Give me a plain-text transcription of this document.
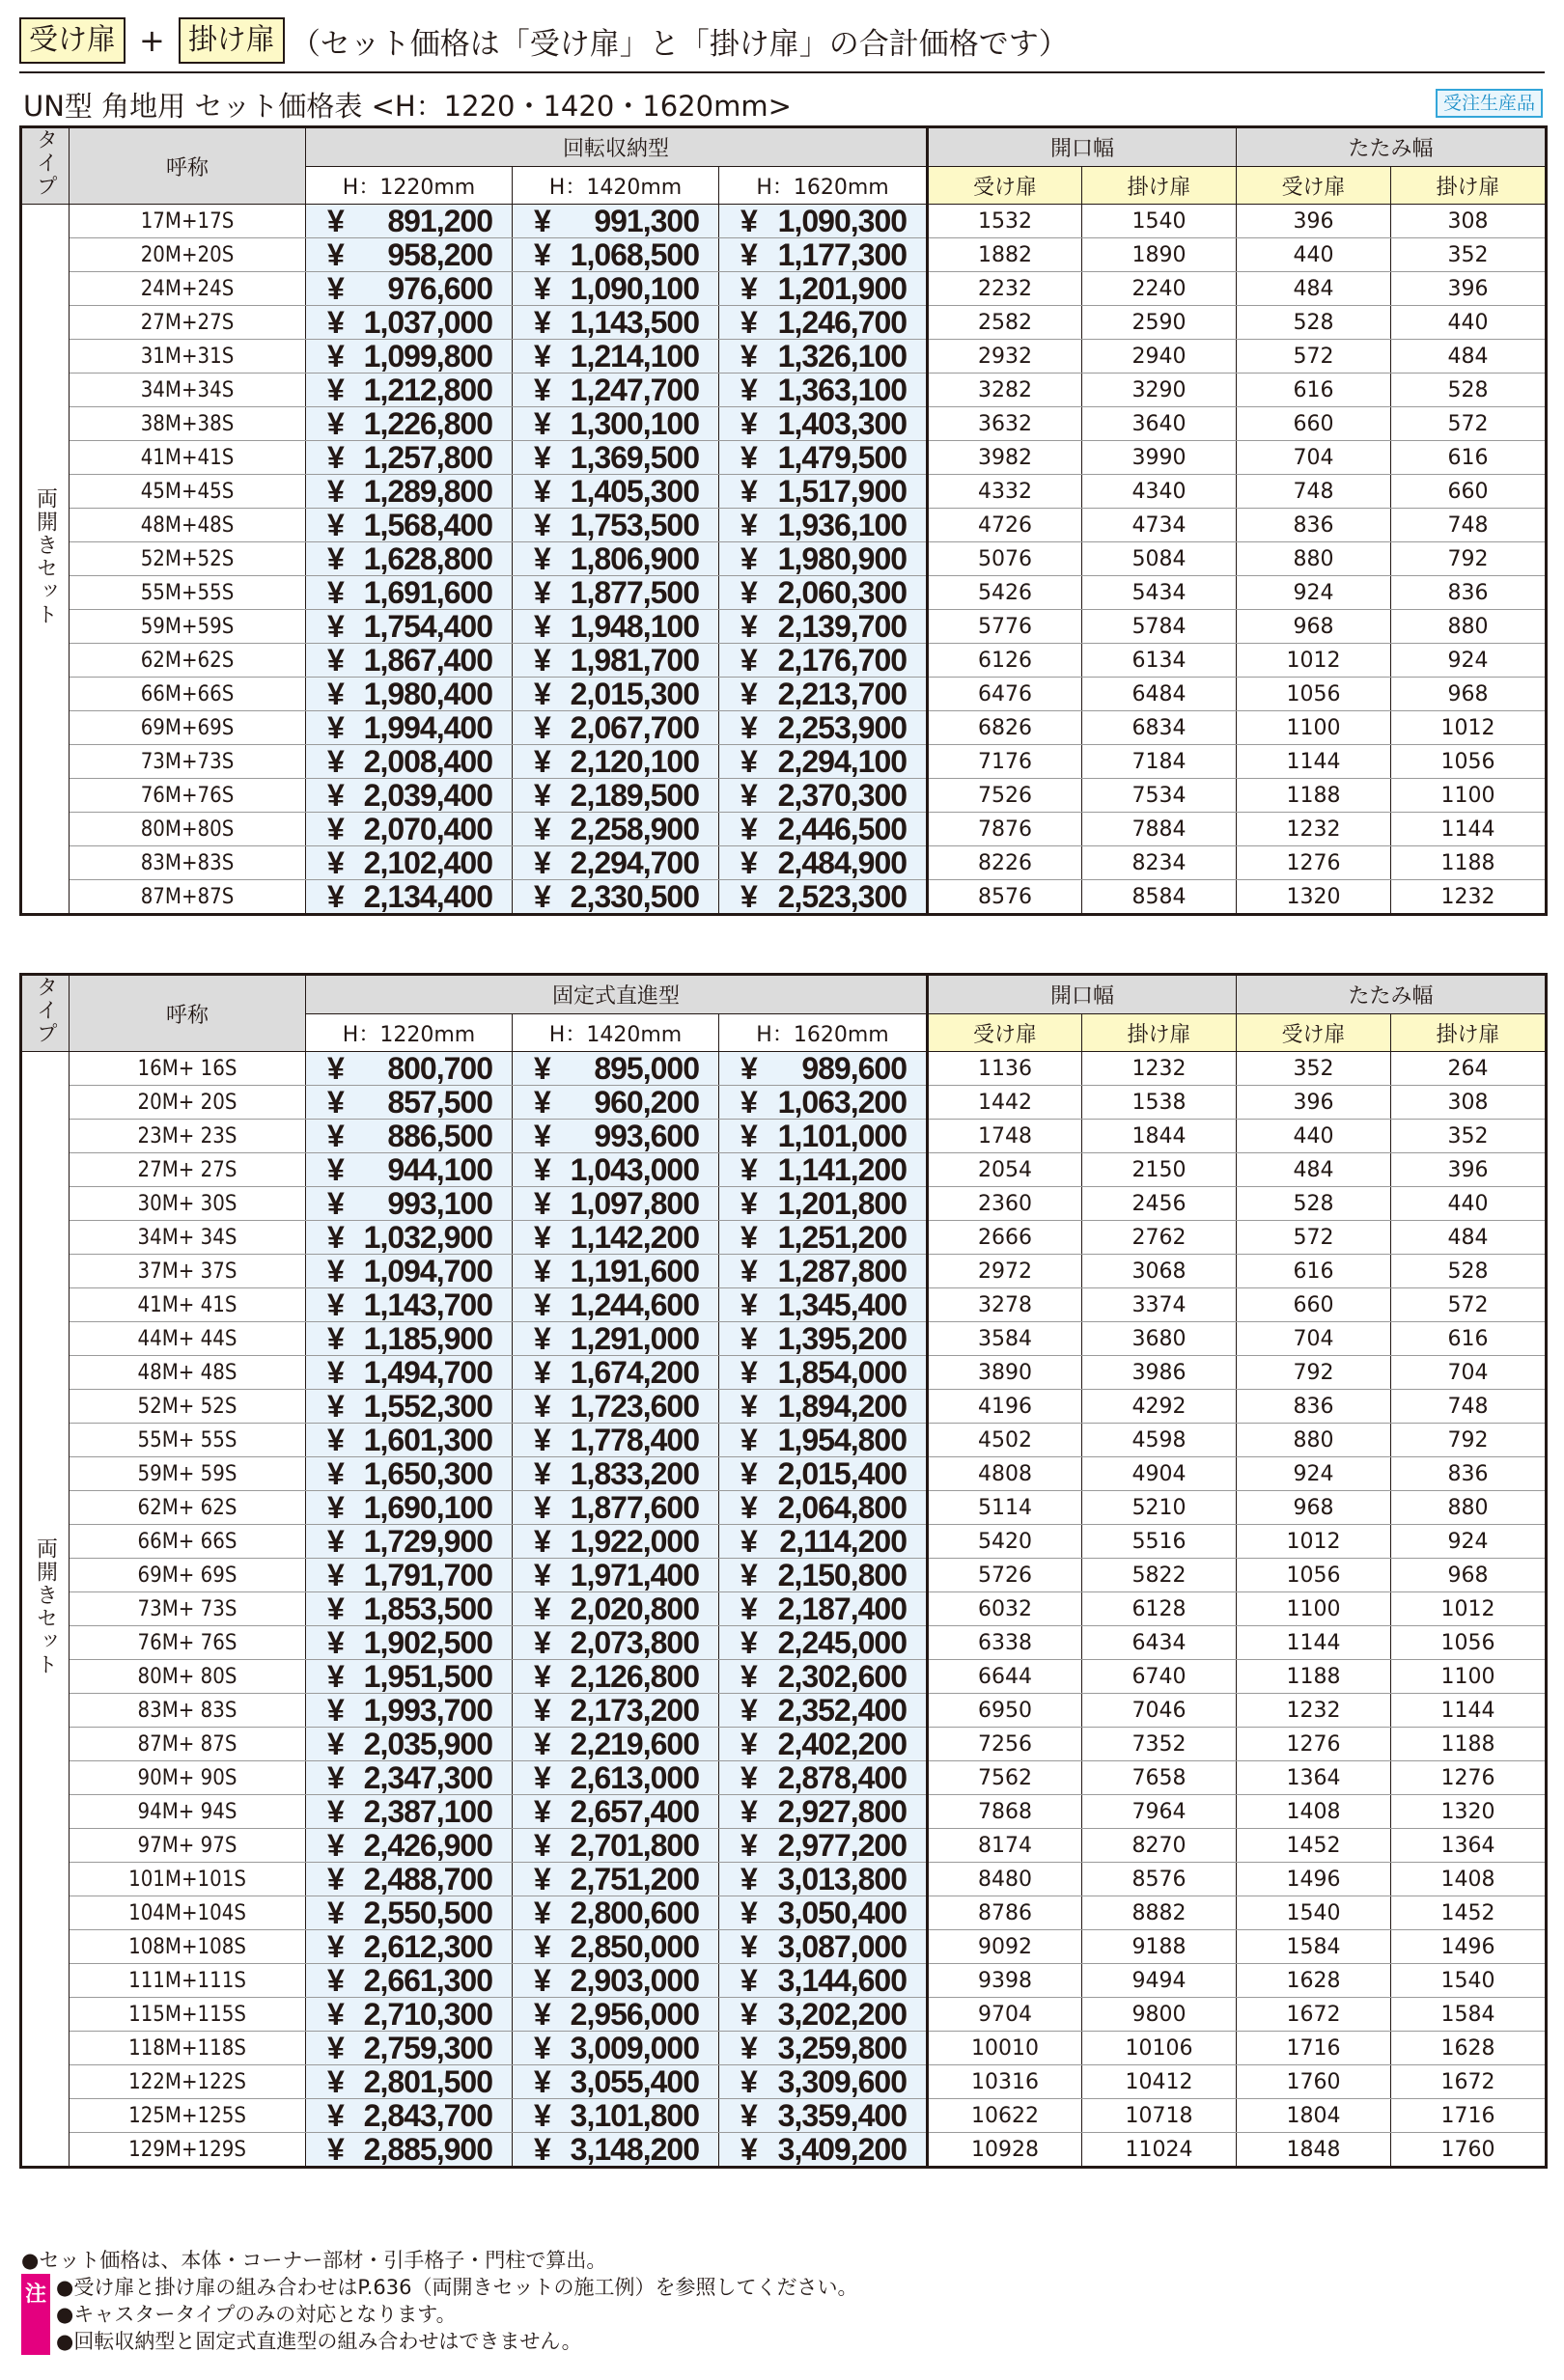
受け扉 + 掛け扉 （セット価格は「受け扉」と「掛け扉」の合計価格です）
UN型 角地用 セット価格表 <H：1220・1420・1620mm>	受注生産品
タイプ	呼称	回転収納型			開口幅		たたみ幅	
		H：1220mm	H：1420mm	H：1620mm	受け扉	掛け扉	受け扉	掛け扉
両開きセット	17M+17S	¥ 891,200	¥ 991,300	¥ 1,090,300	1532	1540	396	308
	20M+20S	¥ 958,200	¥ 1,068,500	¥ 1,177,300	1882	1890	440	352
	24M+24S	¥ 976,600	¥ 1,090,100	¥ 1,201,900	2232	2240	484	396
	27M+27S	¥ 1,037,000	¥ 1,143,500	¥ 1,246,700	2582	2590	528	440
	31M+31S	¥ 1,099,800	¥ 1,214,100	¥ 1,326,100	2932	2940	572	484
	34M+34S	¥ 1,212,800	¥ 1,247,700	¥ 1,363,100	3282	3290	616	528
	38M+38S	¥ 1,226,800	¥ 1,300,100	¥ 1,403,300	3632	3640	660	572
	41M+41S	¥ 1,257,800	¥ 1,369,500	¥ 1,479,500	3982	3990	704	616
	45M+45S	¥ 1,289,800	¥ 1,405,300	¥ 1,517,900	4332	4340	748	660
	48M+48S	¥ 1,568,400	¥ 1,753,500	¥ 1,936,100	4726	4734	836	748
	52M+52S	¥ 1,628,800	¥ 1,806,900	¥ 1,980,900	5076	5084	880	792
	55M+55S	¥ 1,691,600	¥ 1,877,500	¥ 2,060,300	5426	5434	924	836
	59M+59S	¥ 1,754,400	¥ 1,948,100	¥ 2,139,700	5776	5784	968	880
	62M+62S	¥ 1,867,400	¥ 1,981,700	¥ 2,176,700	6126	6134	1012	924
	66M+66S	¥ 1,980,400	¥ 2,015,300	¥ 2,213,700	6476	6484	1056	968
	69M+69S	¥ 1,994,400	¥ 2,067,700	¥ 2,253,900	6826	6834	1100	1012
	73M+73S	¥ 2,008,400	¥ 2,120,100	¥ 2,294,100	7176	7184	1144	1056
	76M+76S	¥ 2,039,400	¥ 2,189,500	¥ 2,370,300	7526	7534	1188	1100
	80M+80S	¥ 2,070,400	¥ 2,258,900	¥ 2,446,500	7876	7884	1232	1144
	83M+83S	¥ 2,102,400	¥ 2,294,700	¥ 2,484,900	8226	8234	1276	1188
	87M+87S	¥ 2,134,400	¥ 2,330,500	¥ 2,523,300	8576	8584	1320	1232
タイプ	呼称	固定式直進型			開口幅		たたみ幅	
		H：1220mm	H：1420mm	H：1620mm	受け扉	掛け扉	受け扉	掛け扉
両開きセット	16M+ 16S	¥ 800,700	¥ 895,000	¥ 989,600	1136	1232	352	264
	20M+ 20S	¥ 857,500	¥ 960,200	¥ 1,063,200	1442	1538	396	308
	23M+ 23S	¥ 886,500	¥ 993,600	¥ 1,101,000	1748	1844	440	352
	27M+ 27S	¥ 944,100	¥ 1,043,000	¥ 1,141,200	2054	2150	484	396
	30M+ 30S	¥ 993,100	¥ 1,097,800	¥ 1,201,800	2360	2456	528	440
	34M+ 34S	¥ 1,032,900	¥ 1,142,200	¥ 1,251,200	2666	2762	572	484
	37M+ 37S	¥ 1,094,700	¥ 1,191,600	¥ 1,287,800	2972	3068	616	528
	41M+ 41S	¥ 1,143,700	¥ 1,244,600	¥ 1,345,400	3278	3374	660	572
	44M+ 44S	¥ 1,185,900	¥ 1,291,000	¥ 1,395,200	3584	3680	704	616
	48M+ 48S	¥ 1,494,700	¥ 1,674,200	¥ 1,854,000	3890	3986	792	704
	52M+ 52S	¥ 1,552,300	¥ 1,723,600	¥ 1,894,200	4196	4292	836	748
	55M+ 55S	¥ 1,601,300	¥ 1,778,400	¥ 1,954,800	4502	4598	880	792
	59M+ 59S	¥ 1,650,300	¥ 1,833,200	¥ 2,015,400	4808	4904	924	836
	62M+ 62S	¥ 1,690,100	¥ 1,877,600	¥ 2,064,800	5114	5210	968	880
	66M+ 66S	¥ 1,729,900	¥ 1,922,000	¥ 2,114,200	5420	5516	1012	924
	69M+ 69S	¥ 1,791,700	¥ 1,971,400	¥ 2,150,800	5726	5822	1056	968
	73M+ 73S	¥ 1,853,500	¥ 2,020,800	¥ 2,187,400	6032	6128	1100	1012
	76M+ 76S	¥ 1,902,500	¥ 2,073,800	¥ 2,245,000	6338	6434	1144	1056
	80M+ 80S	¥ 1,951,500	¥ 2,126,800	¥ 2,302,600	6644	6740	1188	1100
	83M+ 83S	¥ 1,993,700	¥ 2,173,200	¥ 2,352,400	6950	7046	1232	1144
	87M+ 87S	¥ 2,035,900	¥ 2,219,600	¥ 2,402,200	7256	7352	1276	1188
	90M+ 90S	¥ 2,347,300	¥ 2,613,000	¥ 2,878,400	7562	7658	1364	1276
	94M+ 94S	¥ 2,387,100	¥ 2,657,400	¥ 2,927,800	7868	7964	1408	1320
	97M+ 97S	¥ 2,426,900	¥ 2,701,800	¥ 2,977,200	8174	8270	1452	1364
	101M+101S	¥ 2,488,700	¥ 2,751,200	¥ 3,013,800	8480	8576	1496	1408
	104M+104S	¥ 2,550,500	¥ 2,800,600	¥ 3,050,400	8786	8882	1540	1452
	108M+108S	¥ 2,612,300	¥ 2,850,000	¥ 3,087,000	9092	9188	1584	1496
	111M+111S	¥ 2,661,300	¥ 2,903,000	¥ 3,144,600	9398	9494	1628	1540
	115M+115S	¥ 2,710,300	¥ 2,956,000	¥ 3,202,200	9704	9800	1672	1584
	118M+118S	¥ 2,759,300	¥ 3,009,000	¥ 3,259,800	10010	10106	1716	1628
	122M+122S	¥ 2,801,500	¥ 3,055,400	¥ 3,309,600	10316	10412	1760	1672
	125M+125S	¥ 2,843,700	¥ 3,101,800	¥ 3,359,400	10622	10718	1804	1716
	129M+129S	¥ 2,885,900	¥ 3,148,200	¥ 3,409,200	10928	11024	1848	1760
●セット価格は、本体・コーナー部材・引手格子・門柱で算出。
注 ●受け扉と掛け扉の組み合わせはP.636（両開きセットの施工例）を参照してください。
●キャスタータイプのみの対応となります。
●回転収納型と固定式直進型の組み合わせはできません。
